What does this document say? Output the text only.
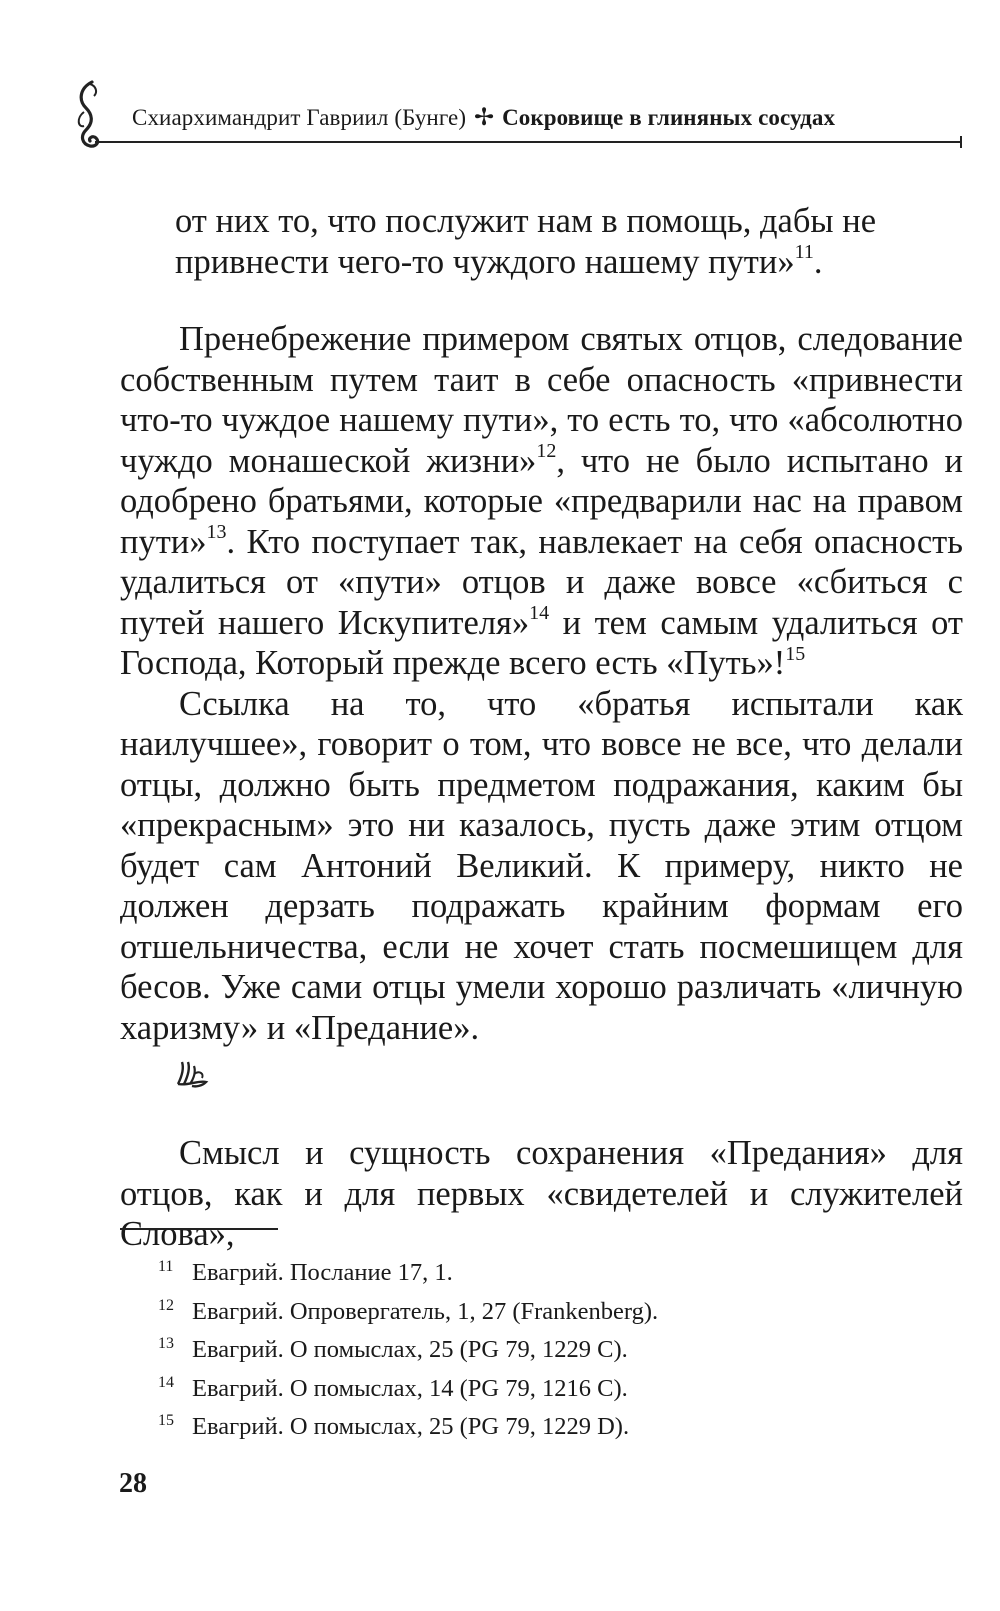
Схиархимандрит Гавриил (Бунге) ✢ Сокровище в глиняных сосудах

от них то, что послужит нам в помощь, дабы не привнести чего-то чуждого нашему пути»$^{11}$.

Пренебрежение примером святых отцов, следование собственным путем таит в себе опасность «привнести что-то чуждое нашему пути», то есть то, что «абсолютно чуждо монашеской жизни»$^{12}$, что не было испытано и одобрено братьями, которые «предварили нас на правом пути»$^{13}$. Кто поступает так, навлекает на себя опасность удалиться от «пути» отцов и даже вовсе «сбиться с путей нашего Искупителя»$^{14}$ и тем самым удалиться от Господа, Который прежде всего есть «Путь»!$^{15}$

Ссылка на то, что «братья испытали как наилучшее», говорит о том, что вовсе не все, что делали отцы, должно быть предметом подражания, каким бы «прекрасным» это ни казалось, пусть даже этим отцом будет сам Антоний Великий. К примеру, никто не должен дерзать подражать крайним формам его отшельничества, если не хочет стать посмешищем для бесов. Уже сами отцы умели хорошо различать «личную харизму» и «Предание».

Смысл и сущность сохранения «Предания» для отцов, как и для первых «свидетелей и служителей Слова»,

11 Евагрий. Послание 17, 1.

12 Евагрий. Опровергатель, 1, 27 (Frankenberg).

13 Евагрий. О помыслах, 25 (PG 79, 1229 C).

14 Евагрий. О помыслах, 14 (PG 79, 1216 C).

15 Евагрий. О помыслах, 25 (PG 79, 1229 D).

28
